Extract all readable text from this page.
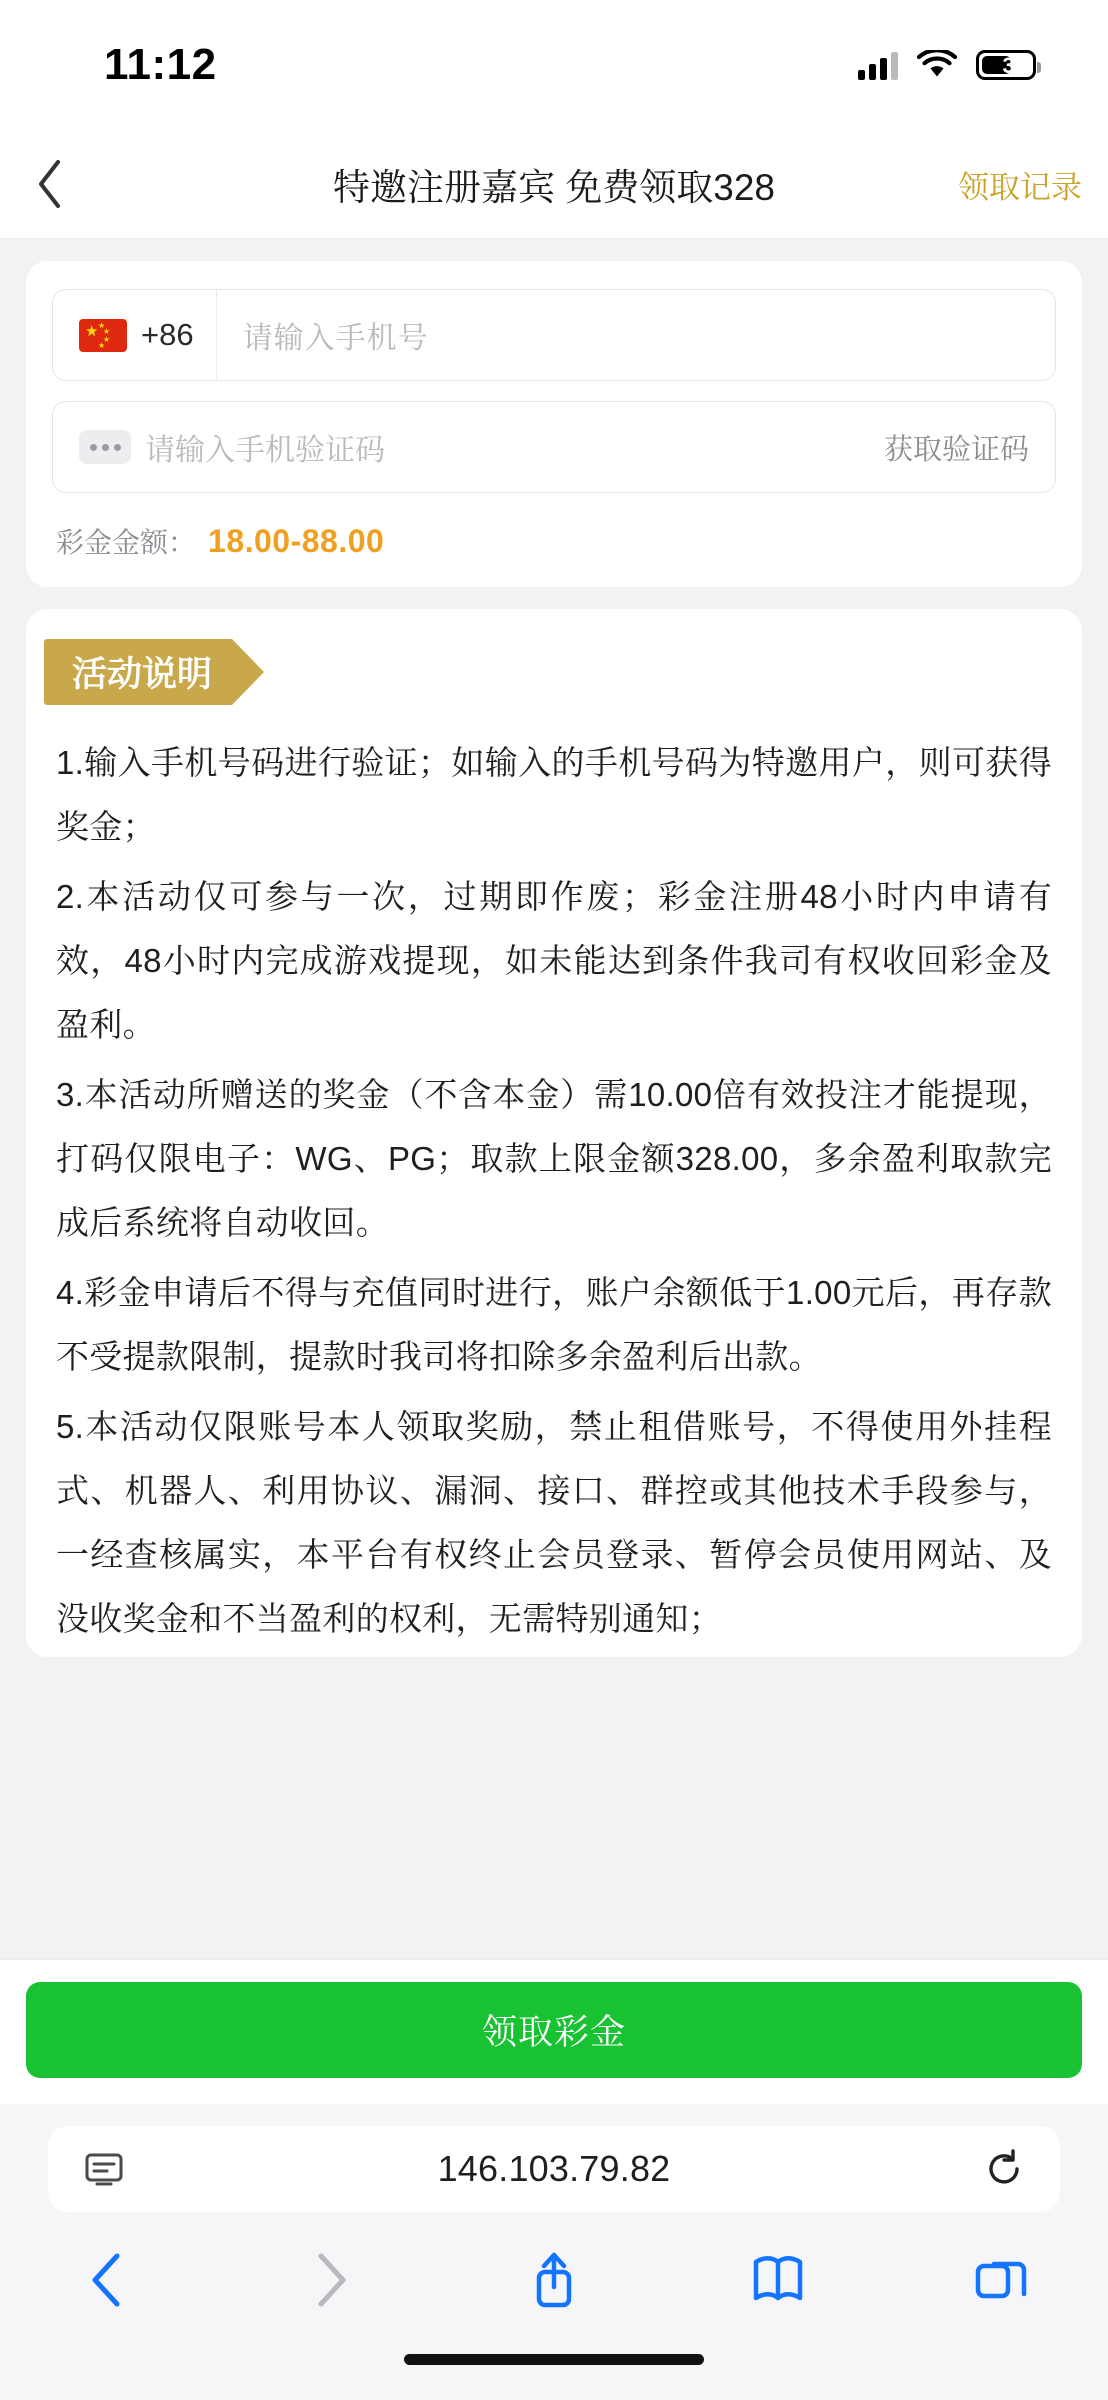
11:12	33
特邀注册嘉宾 免费领取328	领取记录
★ ★
★
★
★ +86	请输入手机号
请输入手机验证码	获取验证码
彩金金额： 18.00-88.00
活动说明

1.输入手机号码进行验证；如输入的手机号码为特邀用户，则可获得奖金；

2.本活动仅可参与一次，过期即作废；彩金注册48小时内申请有效，48小时内完成游戏提现，如未能达到条件我司有权收回彩金及盈利。

3.本活动所赠送的奖金（不含本金）需10.00倍有效投注才能提现，打码仅限电子：WG、PG；取款上限金额328.00，多余盈利取款完成后系统将自动收回。

4.彩金申请后不得与充值同时进行，账户余额低于1.00元后，再存款不受提款限制，提款时我司将扣除多余盈利后出款。

5.本活动仅限账号本人领取奖励，禁止租借账号，不得使用外挂程式、机器人、利用协议、漏洞、接口、群控或其他技术手段参与，一经查核属实，本平台有权终止会员登录、暂停会员使用网站、及没收奖金和不当盈利的权利，无需特别通知；

领取彩金
146.103.79.82
